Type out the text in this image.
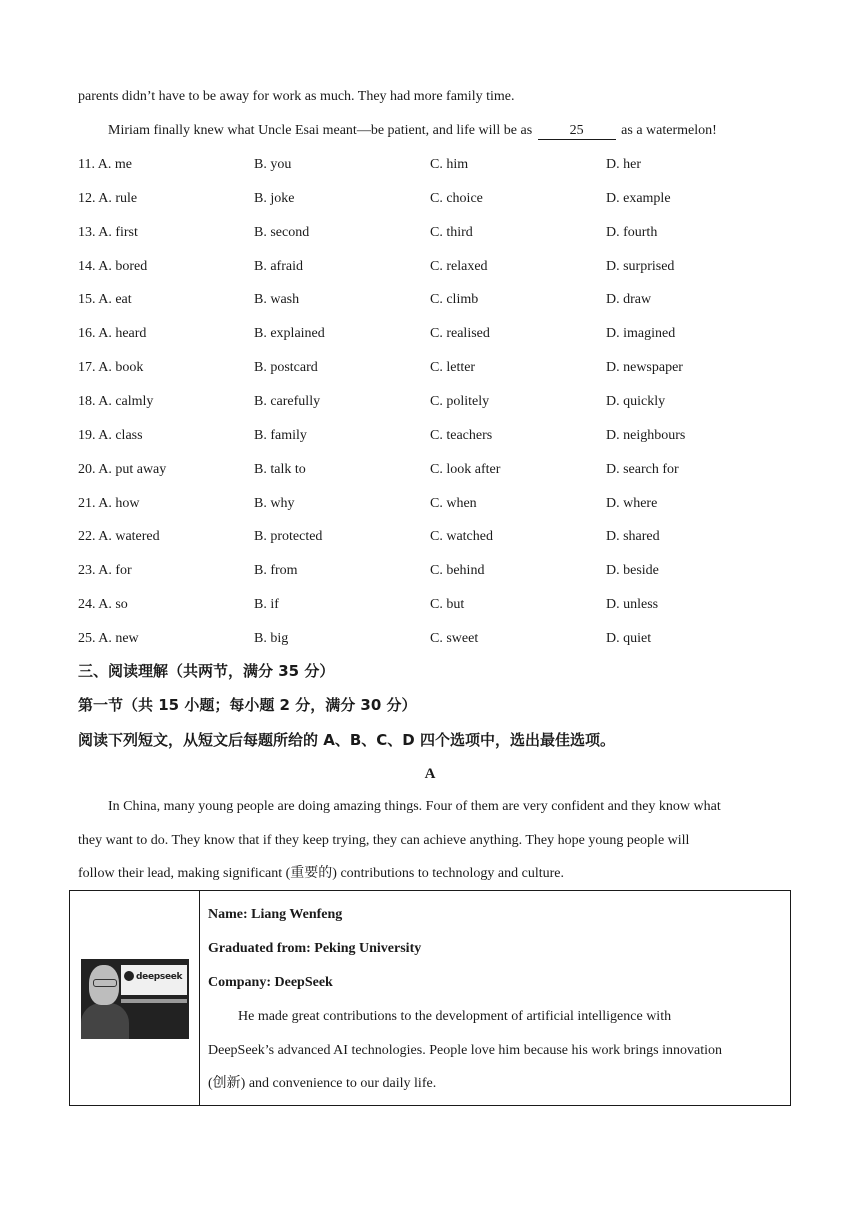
parents didn’t have to be away for work as much. They had more family time.
Miriam finally knew what Uncle Esai meant—be patient, and life will be as	25	as a watermelon!
11. A. me	B. you	C. him	D. her
12. A. rule	B. joke	C. choice	D. example
13. A. first	B. second	C. third	D. fourth
14. A. bored	B. afraid	C. relaxed	D. surprised
15. A. eat	B. wash	C. climb	D. draw
16. A. heard	B. explained	C. realised	D. imagined
17. A. book	B. postcard	C. letter	D. newspaper
18. A. calmly	B. carefully	C. politely	D. quickly
19. A. class	B. family	C. teachers	D. neighbours
20. A. put away	B. talk to	C. look after	D. search for
21. A. how	B. why	C. when	D. where
22. A. watered	B. protected	C. watched	D. shared
23. A. for	B. from	C. behind	D. beside
24. A. so	B. if	C. but	D. unless
25. A. new	B. big	C. sweet	D. quiet
三、阅读理解（共两节，满分 35 分）
第一节（共 15 小题；每小题 2 分，满分 30 分）
阅读下列短文，从短文后每题所给的 A、B、C、D 四个选项中，选出最佳选项。
A
In China, many young people are doing amazing things. Four of them are very confident and they know what
they want to do. They know that if they keep trying, they can achieve anything. They hope young people will
follow their lead, making significant (重要的) contributions to technology and culture.
deepseek
Name: Liang Wenfeng
Graduated from: Peking University
Company: DeepSeek
He made great contributions to the development of artificial intelligence with
DeepSeek’s advanced AI technologies. People love him because his work brings innovation
(创新) and convenience to our daily life.
